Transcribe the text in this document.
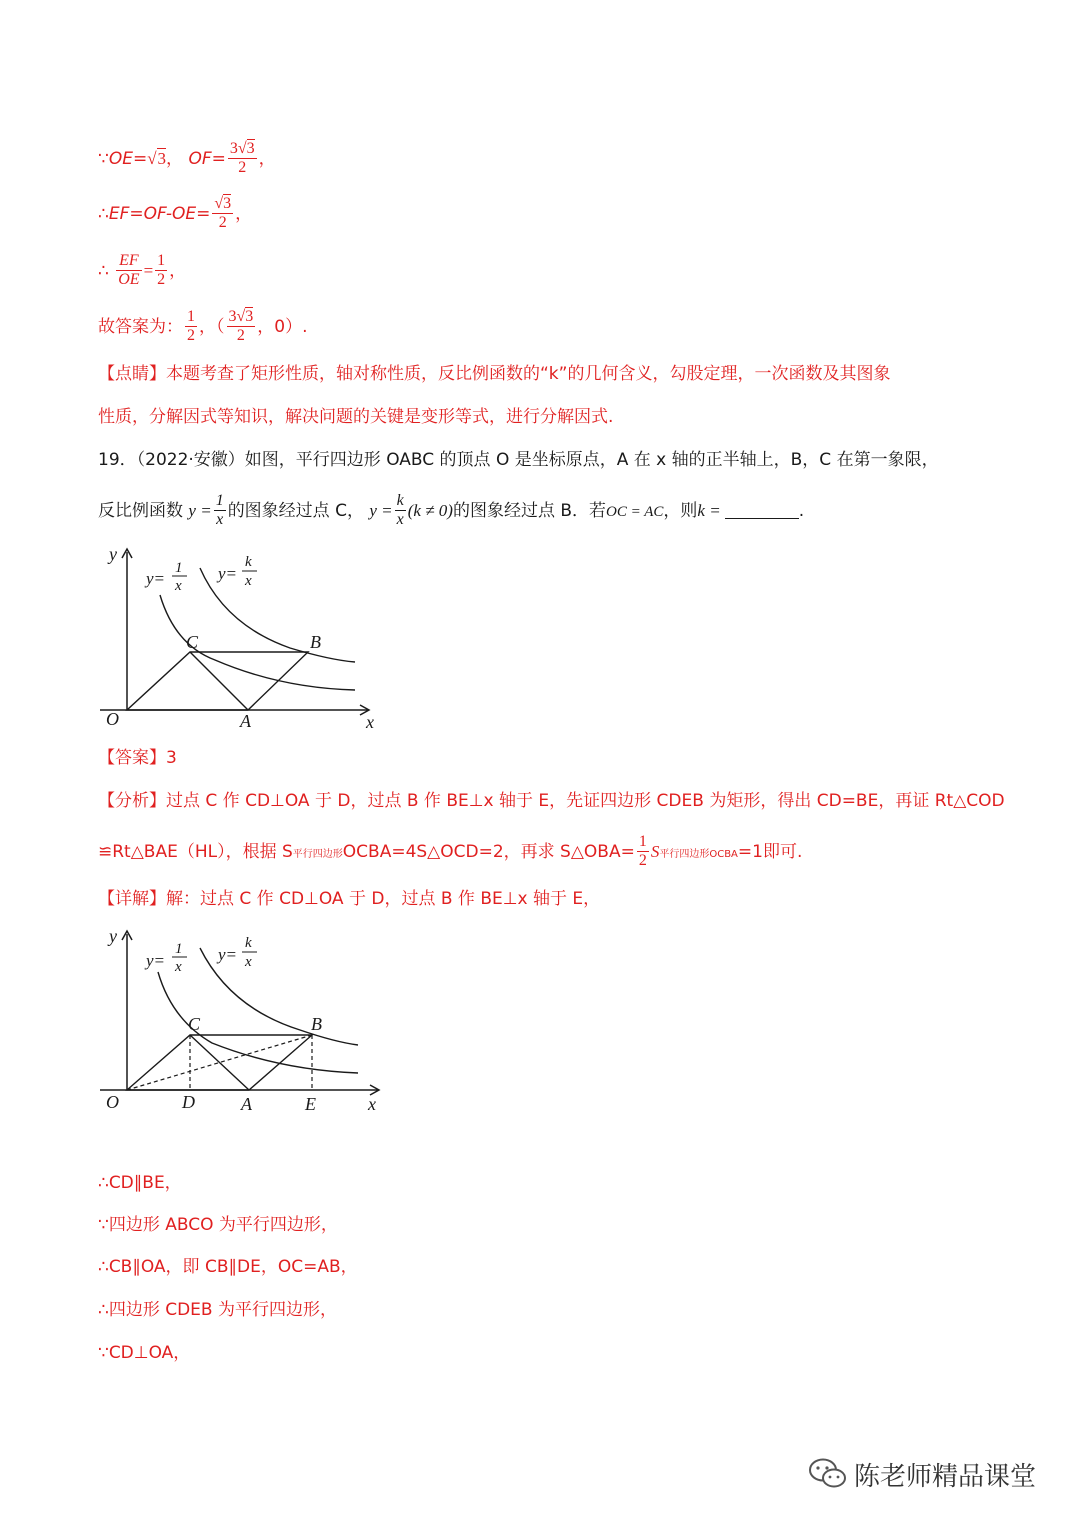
∵OE=√3， $OF= \frac{3√3}{2}$ ，
∴EF=OF-OE= $\frac{√3}{2}$ ，
∴ $\frac{EF}{OE} = \frac{1}{2}$ ，
故答案为： $\frac{1}{2}$ ，（ $\frac{3√3}{2}$ ，0）.
【点睛】本题考查了矩形性质，轴对称性质，反比例函数的“k”的几何含义，勾股定理，一次函数及其图象
性质，分解因式等知识，解决问题的关键是变形等式，进行分解因式.
19．（2022·安徽）如图，平行四边形 OABC 的顶点 O 是坐标原点，A 在 x 轴的正半轴上，B，C 在第一象限，
反比例函数 $y = \frac{1}{x}$ 的图象经过点 C， $y = \frac{k}{x} (k \ne 0)$的图象经过点 B．若OC = AC，则k =	.
y
x
O	A
C	B
y=
1
x
y=
k
x
【答案】3
【分析】过点 C 作 CD⊥OA 于 D，过点 B 作 BE⊥x 轴于 E，先证四边形 CDEB 为矩形，得出 CD=BE，再证 Rt△COD
≌Rt△BAE（HL），根据 S平行四边形OCBA=4S△OCD=2，再求 S△OBA= $\frac{1}{2}$ S平行四边形OCBA=1即可.
【详解】解：过点 C 作 CD⊥OA 于 D，过点 B 作 BE⊥x 轴于 E，
y
x
O	D	A	E
C	B
y=
1
x
y=
k
x
∴CD∥BE，
∵四边形 ABCO 为平行四边形，
∴CB∥OA，即 CB∥DE，OC=AB，
∴四边形 CDEB 为平行四边形，
∵CD⊥OA，
陈老师精品课堂
